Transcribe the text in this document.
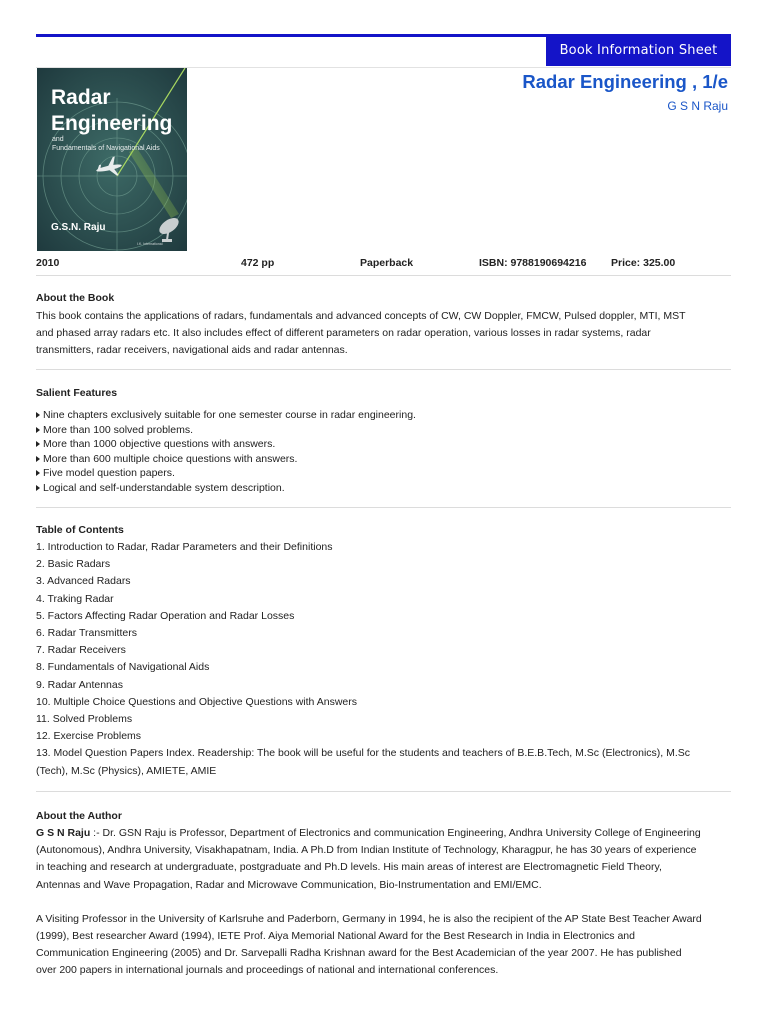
Book Information Sheet
Radar
Engineering
and
Fundamentals of Navigational Aids
G.S.N. Raju
I.K. International
Radar Engineering , 1/e
G S N Raju
2010	472 pp	Paperback	ISBN: 9788190694216 Price: 325.00
About the Book

This book contains the applications of radars, fundamentals and advanced concepts of CW, CW Doppler, FMCW, Pulsed doppler, MTI, MST

and phased array radars etc. It also includes effect of different parameters on radar operation, various losses in radar systems, radar

transmitters, radar receivers, navigational aids and radar antennas.

Salient Features
Nine chapters exclusively suitable for one semester course in radar engineering.
More than 100 solved problems.
More than 1000 objective questions with answers.
More than 600 multiple choice questions with answers.
Five model question papers.
Logical and self-understandable system description.
Table of Contents
1. Introduction to Radar, Radar Parameters and their Definitions
2. Basic Radars
3. Advanced Radars
4. Traking Radar
5. Factors Affecting Radar Operation and Radar Losses
6. Radar Transmitters
7. Radar Receivers
8. Fundamentals of Navigational Aids
9. Radar Antennas
10. Multiple Choice Questions and Objective Questions with Answers
11. Solved Problems
12. Exercise Problems
13. Model Question Papers Index. Readership: The book will be useful for the students and teachers of B.E.B.Tech, M.Sc (Electronics), M.Sc
(Tech), M.Sc (Physics), AMIETE, AMIE
About the Author

G S N Raju :- Dr. GSN Raju is Professor, Department of Electronics and communication Engineering, Andhra University College of Engineering

(Autonomous), Andhra University, Visakhapatnam, India. A Ph.D from Indian Institute of Technology, Kharagpur, he has 30 years of experience

in teaching and research at undergraduate, postgraduate and Ph.D levels. His main areas of interest are Electromagnetic Field Theory,

Antennas and Wave Propagation, Radar and Microwave Communication, Bio-Instrumentation and EMI/EMC.

A Visiting Professor in the University of Karlsruhe and Paderborn, Germany in 1994, he is also the recipient of the AP State Best Teacher Award

(1999), Best researcher Award (1994), IETE Prof. Aiya Memorial National Award for the Best Research in India in Electronics and

Communication Engineering (2005) and Dr. Sarvepalli Radha Krishnan award for the Best Academician of the year 2007. He has published

over 200 papers in international journals and proceedings of national and international conferences.
